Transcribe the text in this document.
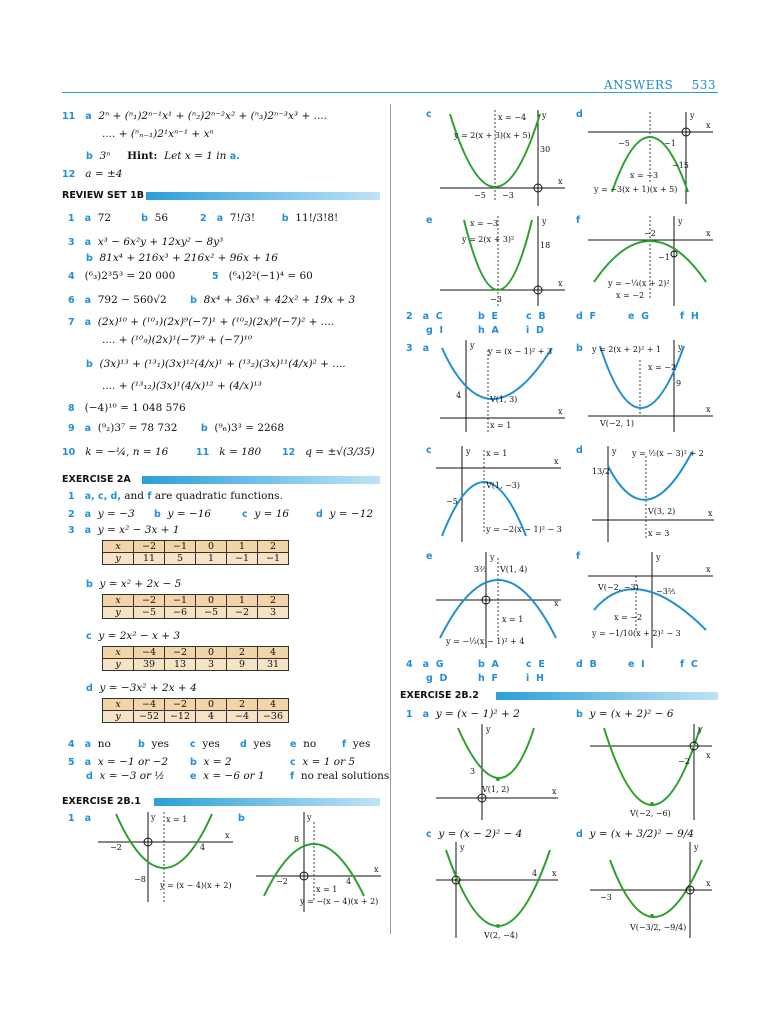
ANSWERS 533
11 a 2ⁿ + (ⁿ₁)2ⁿ⁻¹x¹ + (ⁿ₂)2ⁿ⁻²x² + (ⁿ₃)2ⁿ⁻³x³ + ....
.... + (ⁿₙ₋₁)2¹xⁿ⁻¹ + xⁿ
b 3ⁿ Hint: Let x = 1 in a.
12 a = ±4
REVIEW SET 1B
1 a 72	b 56	2 a 7!/3!	b 11!/3!8!
3 a x³ − 6x²y + 12xy² − 8y³
b 81x⁴ + 216x³ + 216x² + 96x + 16
4 (⁶₃)2³5³ = 20 000	5 (⁶₄)2²(−1)⁴ = 60
6 a 792 − 560√2 b 8x⁴ + 36x³ + 42x² + 19x + 3
7 a (2x)¹⁰ + (¹⁰₁)(2x)⁹(−7)¹ + (¹⁰₂)(2x)⁸(−7)² + ....
.... + (¹⁰₉)(2x)¹(−7)⁹ + (−7)¹⁰
b (3x)¹³ + (¹³₁)(3x)¹²(4/x)¹ + (¹³₂)(3x)¹¹(4/x)² + ....
.... + (¹³₁₂)(3x)¹(4/x)¹² + (4/x)¹³
8 (−4)¹⁰ = 1 048 576
9 a (⁹₂)3⁷ = 78 732 b (⁹₆)3³ = 2268
10 k = −¼, n = 16	11 k = 180 12 q = ±√(3/35)
EXERCISE 2A
1 a, c, d, and f are quadratic functions.
2 a y = −3 b y = −16	c y = 16	d y = −12
3 a y = x² − 3x + 1
x	−2	−1	0	1	2
y	11	5	1	−1	−1
b y = x² + 2x − 5
x	−2	−1	0	1	2
y	−5	−6	−5	−2	3
c y = 2x² − x + 3
x	−4	−2	0	2	4
y	39	13	3	9	31
d y = −3x² + 2x + 4
x	−4	−2	0	2	4
y	−52	−12	4	−4	−36
4 a no	b yes c yes d yes e no	f yes
5 a x = −1 or −2 b x = 2	c x = 1 or 5
d x = −3 or ½	e x = −6 or 1	f no real solutions
EXERCISE 2B.1
1 a	b
x = 1
−2	4
−8
y = (x − 4)(x + 2)
x
y
8
−2	4
x = 1
y = −(x − 4)(x + 2)
x
y
c	d
e	f
2 a C	b E	c B	d F	e G	f H
g I	h A	i D
3 a	b
c	d
e	f
4 a G	b A	c E	d B	e I	f C
g D	h F	i H
EXERCISE 2B.2
1 a y = (x − 1)² + 2	b y = (x + 2)² − 6
c y = (x − 2)² − 4	d y = (x + 3/2)² − 9/4
x = −4
30
−5 −3
y = 2(x + 3)(x + 5)
x
y
−5	−1
−15
x = −3
y = −3(x + 1)(x + 5)
x
y
x = −3
18
−3
y = 2(x + 3)²
x
y
−2
−1
x = −2
y = −¼(x + 2)²
x
y
4	V(1, 3)
x = 1
y = (x − 1)² + 3
x
y	y = 2(x + 2)² + 1
x = −2
9
V(−2, 1)
x
y
x = 1
V(1, −3)
−5
y = −2(x − 1)² − 3
x
y
13/2
V(3, 2)
x = 3
y = ½(x − 3)² + 2
x
y
3⅔ V(1, 4)
x = 1
y = −⅓(x − 1)² + 4
x
y
V(−2, −3) −3⅖
x = −2
y = −1/10(x + 2)² − 3
x
y
3
V(1, 2)	x
y
−2
V(−2, −6)
x
y
4
V(2, −4)
x
y
−3
V(−3/2, −9/4)
x
y
